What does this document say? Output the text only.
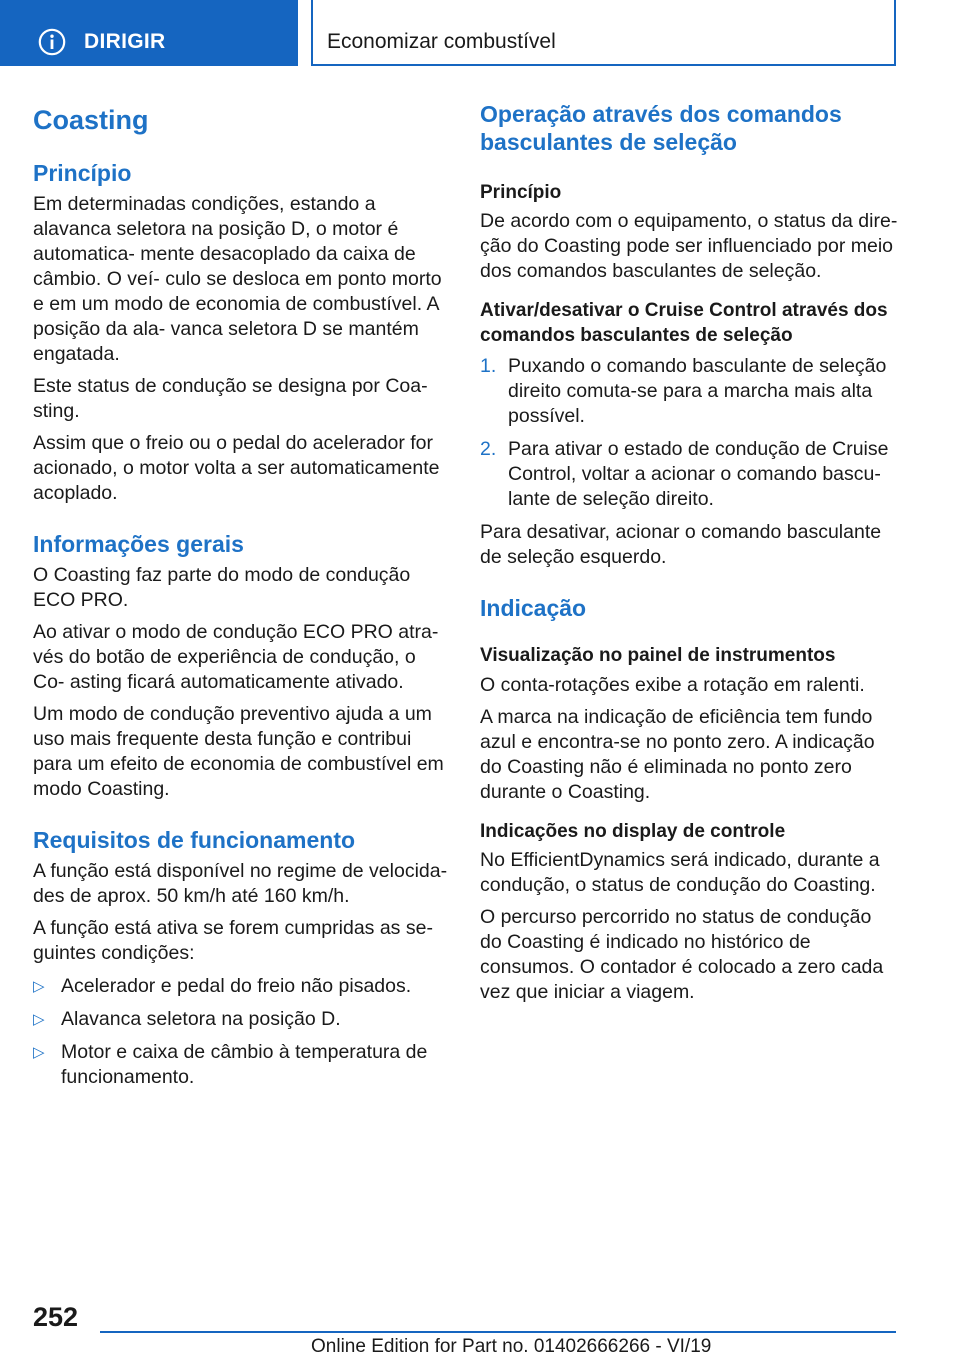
DIRIGIR	Economizar combustível
Coasting
Princípio
Em determinadas condições, estando a alavanca seletora na posição D, o motor é automatica‐ mente desacoplado da caixa de câmbio. O veí‐ culo se desloca em ponto morto e em um modo de economia de combustível. A posição da ala‐ vanca seletora D se mantém engatada.
Este status de condução se designa por Coa‐ sting.
Assim que o freio ou o pedal do acelerador for acionado, o motor volta a ser automaticamente acoplado.
Informações gerais
O Coasting faz parte do modo de condução ECO PRO.
Ao ativar o modo de condução ECO PRO atra‐ vés do botão de experiência de condução, o Co‐ asting ficará automaticamente ativado.
Um modo de condução preventivo ajuda a um uso mais frequente desta função e contribui para um efeito de economia de combustível em modo Coasting.
Requisitos de funcionamento
A função está disponível no regime de velocida‐ des de aprox. 50 km/h até 160 km/h.
A função está ativa se forem cumpridas as se‐ guintes condições:
▷ Acelerador e pedal do freio não pisados.
▷ Alavanca seletora na posição D.
▷ Motor e caixa de câmbio à temperatura de funcionamento.
Operação através dos comandos basculantes de seleção
Princípio
De acordo com o equipamento, o status da dire‐ ção do Coasting pode ser influenciado por meio dos comandos basculantes de seleção.
Ativar/desativar o Cruise Control através dos comandos basculantes de seleção
1. Puxando o comando basculante de seleção direito comuta-se para a marcha mais alta possível.
2. Para ativar o estado de condução de Cruise Control, voltar a acionar o comando bascu‐ lante de seleção direito.
Para desativar, acionar o comando basculante de seleção esquerdo.
Indicação
Visualização no painel de instrumentos
O conta-rotações exibe a rotação em ralenti.
A marca na indicação de eficiência tem fundo azul e encontra-se no ponto zero. A indicação do Coasting não é eliminada no ponto zero durante o Coasting.
Indicações no display de controle
No EfficientDynamics será indicado, durante a condução, o status de condução do Coasting.
O percurso percorrido no status de condução do Coasting é indicado no histórico de consumos. O contador é colocado a zero cada vez que iniciar a viagem.
252
Online Edition for Part no. 01402666266 - VI/19
